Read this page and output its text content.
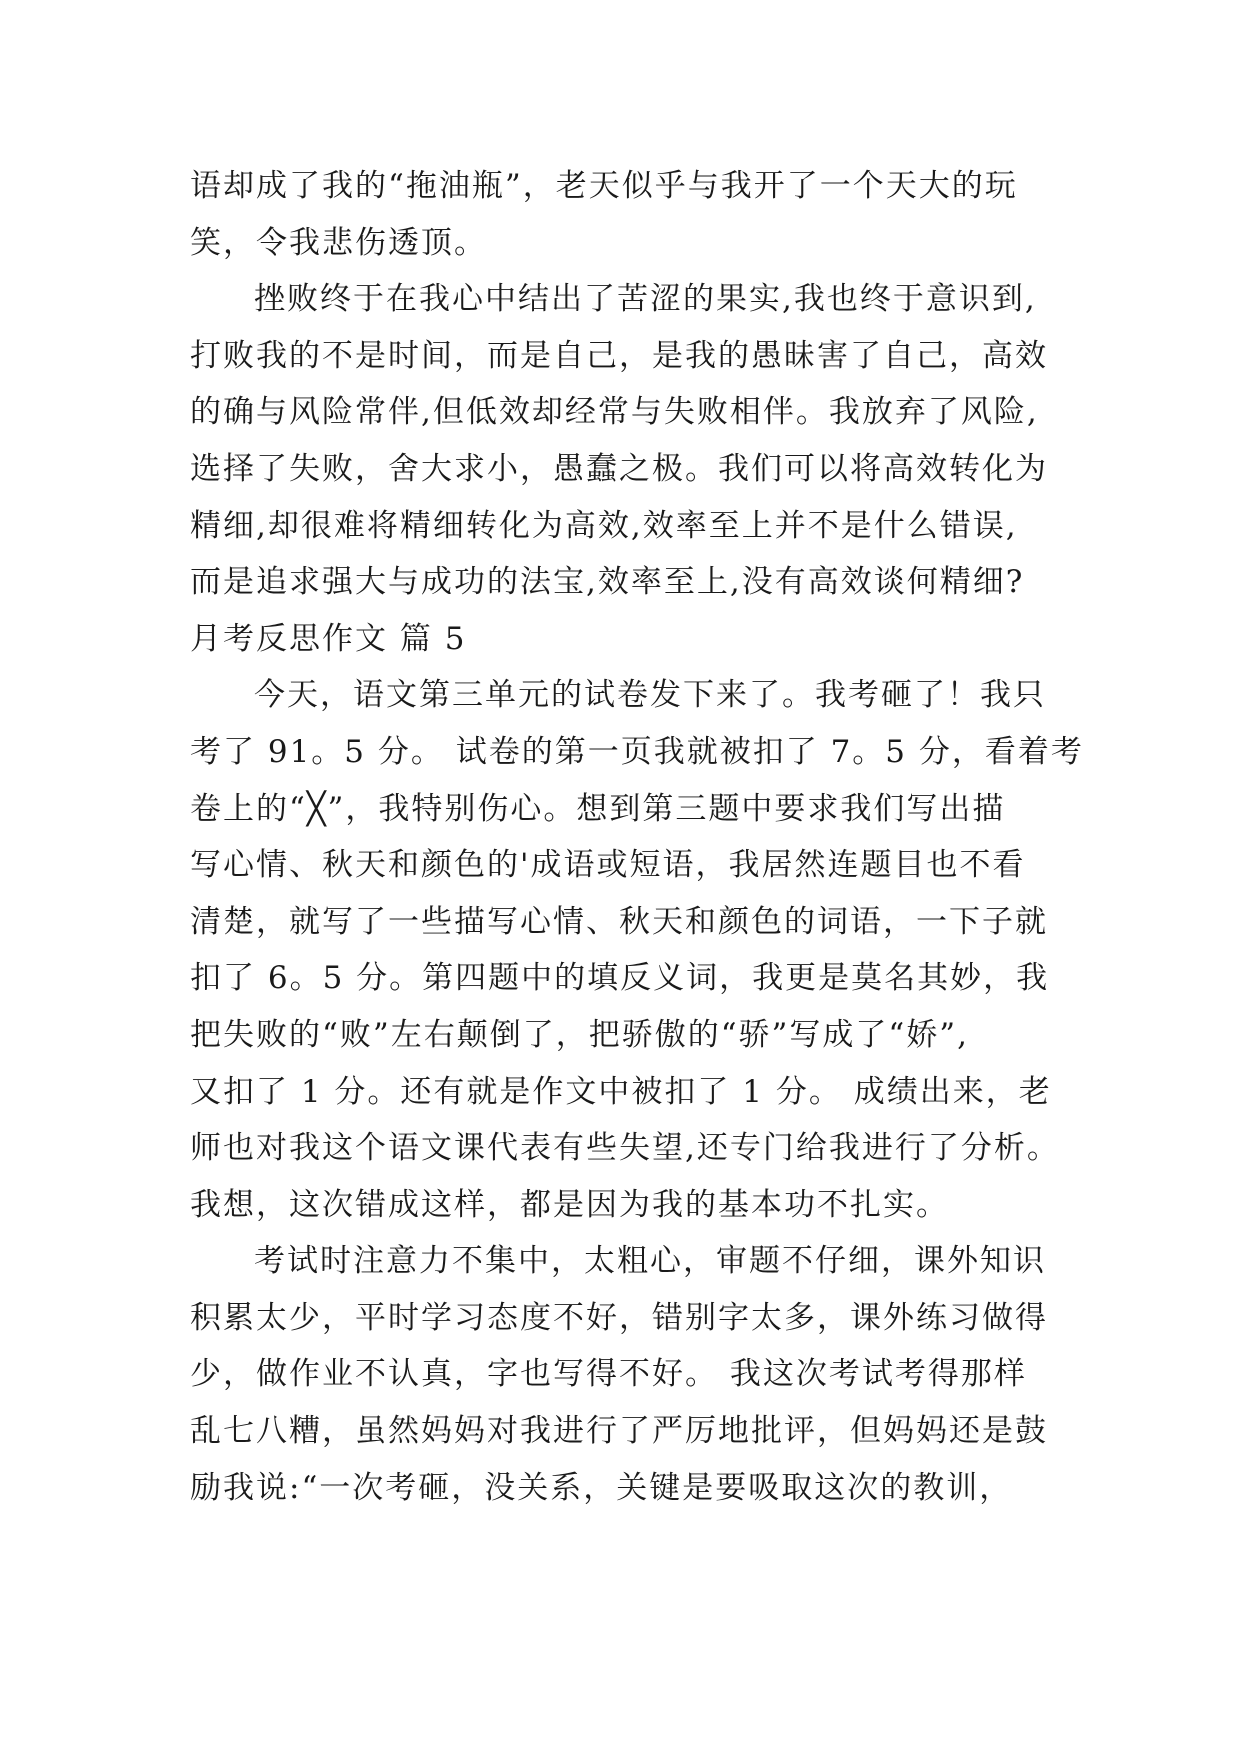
语却成了我的“拖油瓶”，老天似乎与我开了一个天大的玩
笑，令我悲伤透顶。
挫败终于在我心中结出了苦涩的果实,我也终于意识到,
打败我的不是时间，而是自己，是我的愚昧害了自己，高效
的确与风险常伴,但低效却经常与失败相伴。我放弃了风险,
选择了失败，舍大求小，愚蠢之极。我们可以将高效转化为
精细,却很难将精细转化为高效,效率至上并不是什么错误,
而是追求强大与成功的法宝,效率至上,没有高效谈何精细?
月考反思作文 篇 5
今天，语文第三单元的试卷发下来了。我考砸了！我只
考了 91。5 分。 试卷的第一页我就被扣了 7。5 分，看着考
卷上的“╳”，我特别伤心。想到第三题中要求我们写出描
写心情、秋天和颜色的'成语或短语，我居然连题目也不看
清楚，就写了一些描写心情、秋天和颜色的词语，一下子就
扣了 6。5 分。第四题中的填反义词，我更是莫名其妙，我
把失败的“败”左右颠倒了，把骄傲的“骄”写成了“娇”,
又扣了 1 分。还有就是作文中被扣了 1 分。 成绩出来，老
师也对我这个语文课代表有些失望,还专门给我进行了分析。
我想，这次错成这样，都是因为我的基本功不扎实。
考试时注意力不集中，太粗心，审题不仔细，课外知识
积累太少，平时学习态度不好，错别字太多，课外练习做得
少，做作业不认真，字也写得不好。 我这次考试考得那样
乱七八糟，虽然妈妈对我进行了严厉地批评，但妈妈还是鼓
励我说:“一次考砸，没关系，关键是要吸取这次的教训，
